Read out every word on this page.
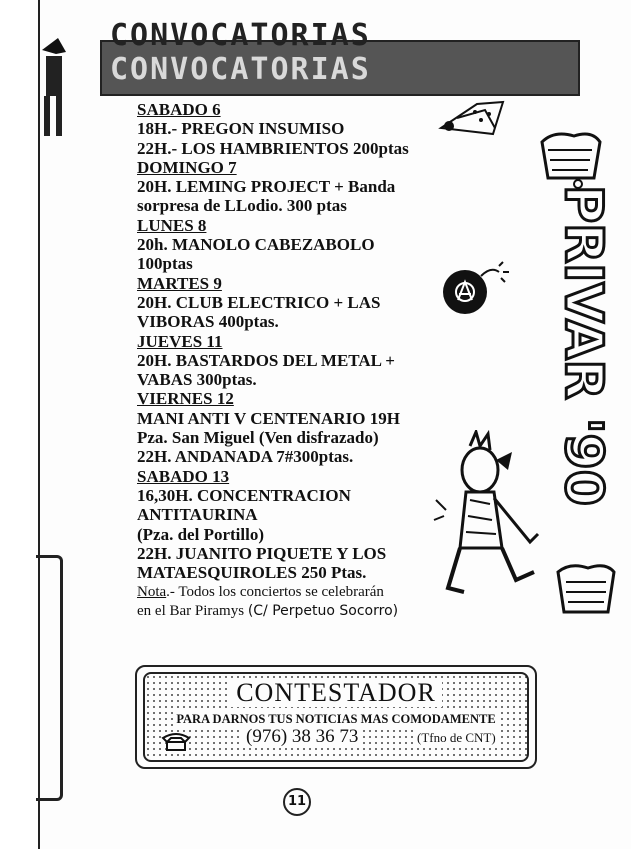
CONVOCATORIAS
CONVOCATORIAS
SABADO 6
18H.- PREGON INSUMISO
22H.- LOS HAMBRIENTOS 200ptas
DOMINGO 7
20H. LEMING PROJECT + Banda
sorpresa de LLodio. 300 ptas
LUNES 8
20h. MANOLO CABEZABOLO
100ptas
MARTES 9
20H. CLUB ELECTRICO + LAS
VIBORAS 400ptas.
JUEVES 11
20H. BASTARDOS DEL METAL +
VABAS 300ptas.
VIERNES 12
MANI ANTI V CENTENARIO 19H
Pza. San Miguel (Ven disfrazado)
22H. ANDANADA 7#300ptas.
SABADO 13
16,30H. CONCENTRACION
ANTITAURINA
(Pza. del Portillo)
22H. JUANITO PIQUETE Y LOS
MATAESQUIROLES 250 Ptas.
Nota.- Todos los conciertos se celebrarán
en el Bar Piramys (C/ Perpetuo Socorro)
PRIVAR '90
CONTESTADOR
PARA DARNOS TUS NOTICIAS MAS COMODAMENTE
(976) 38 36 73	(Tfno de CNT)
11
